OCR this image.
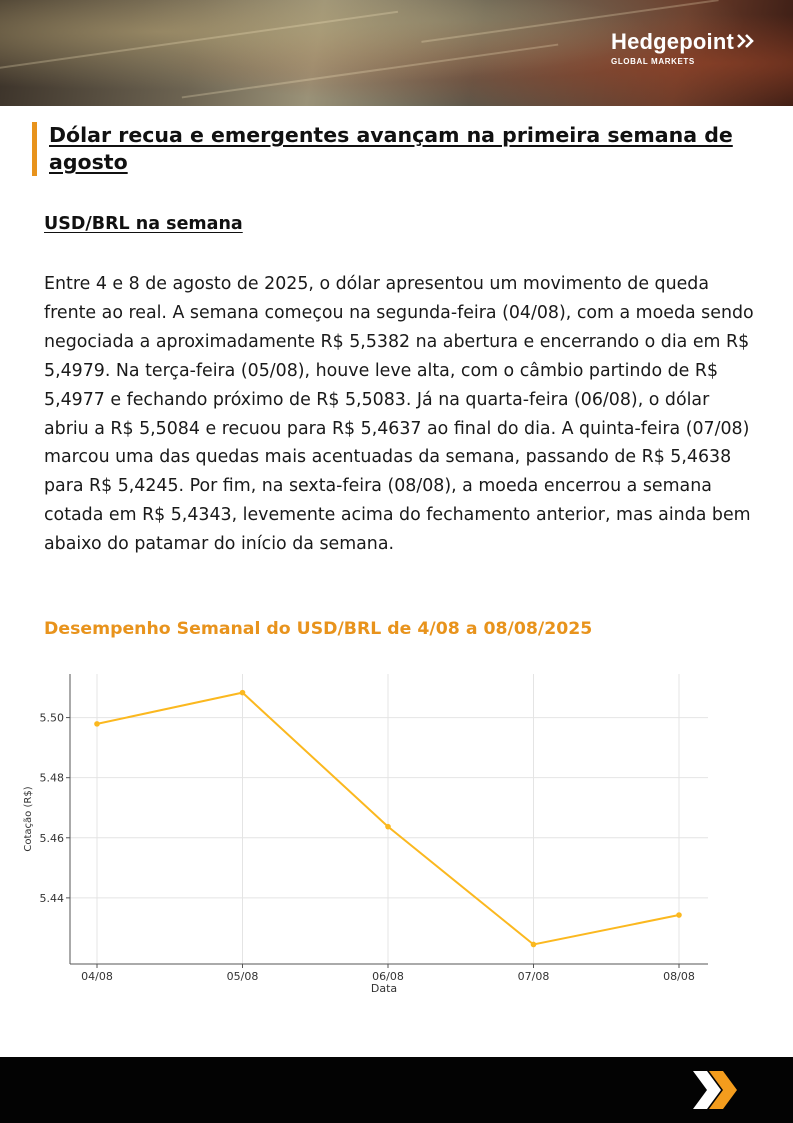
Hedgepoint
GLOBAL MARKETS
Dólar recua e emergentes avançam na primeira semana de agosto
USD/BRL na semana

Entre 4 e 8 de agosto de 2025, o dólar apresentou um movimento de queda frente ao real. A semana começou na segunda-feira (04/08), com a moeda sendo negociada a aproximadamente R$ 5,5382 na abertura e encerrando o dia em R$ 5,4979. Na terça-feira (05/08), houve leve alta, com o câmbio partindo de R$ 5,4977 e fechando próximo de R$ 5,5083. Já na quarta-feira (06/08), o dólar abriu a R$ 5,5084 e recuou para R$ 5,4637 ao final do dia. A quinta-feira (07/08) marcou uma das quedas mais acentuadas da semana, passando de R$ 5,4638 para R$ 5,4245. Por fim, na sexta-feira (08/08), a moeda encerrou a semana cotada em R$ 5,4343, levemente acima do fechamento anterior, mas ainda bem abaixo do patamar do início da semana.

Desempenho Semanal do USD/BRL de 4/08 a 08/08/2025
5.44
5.46
5.48
5.50
04/08	05/08	06/08	07/08	08/08
Data
Cotação (R$)
